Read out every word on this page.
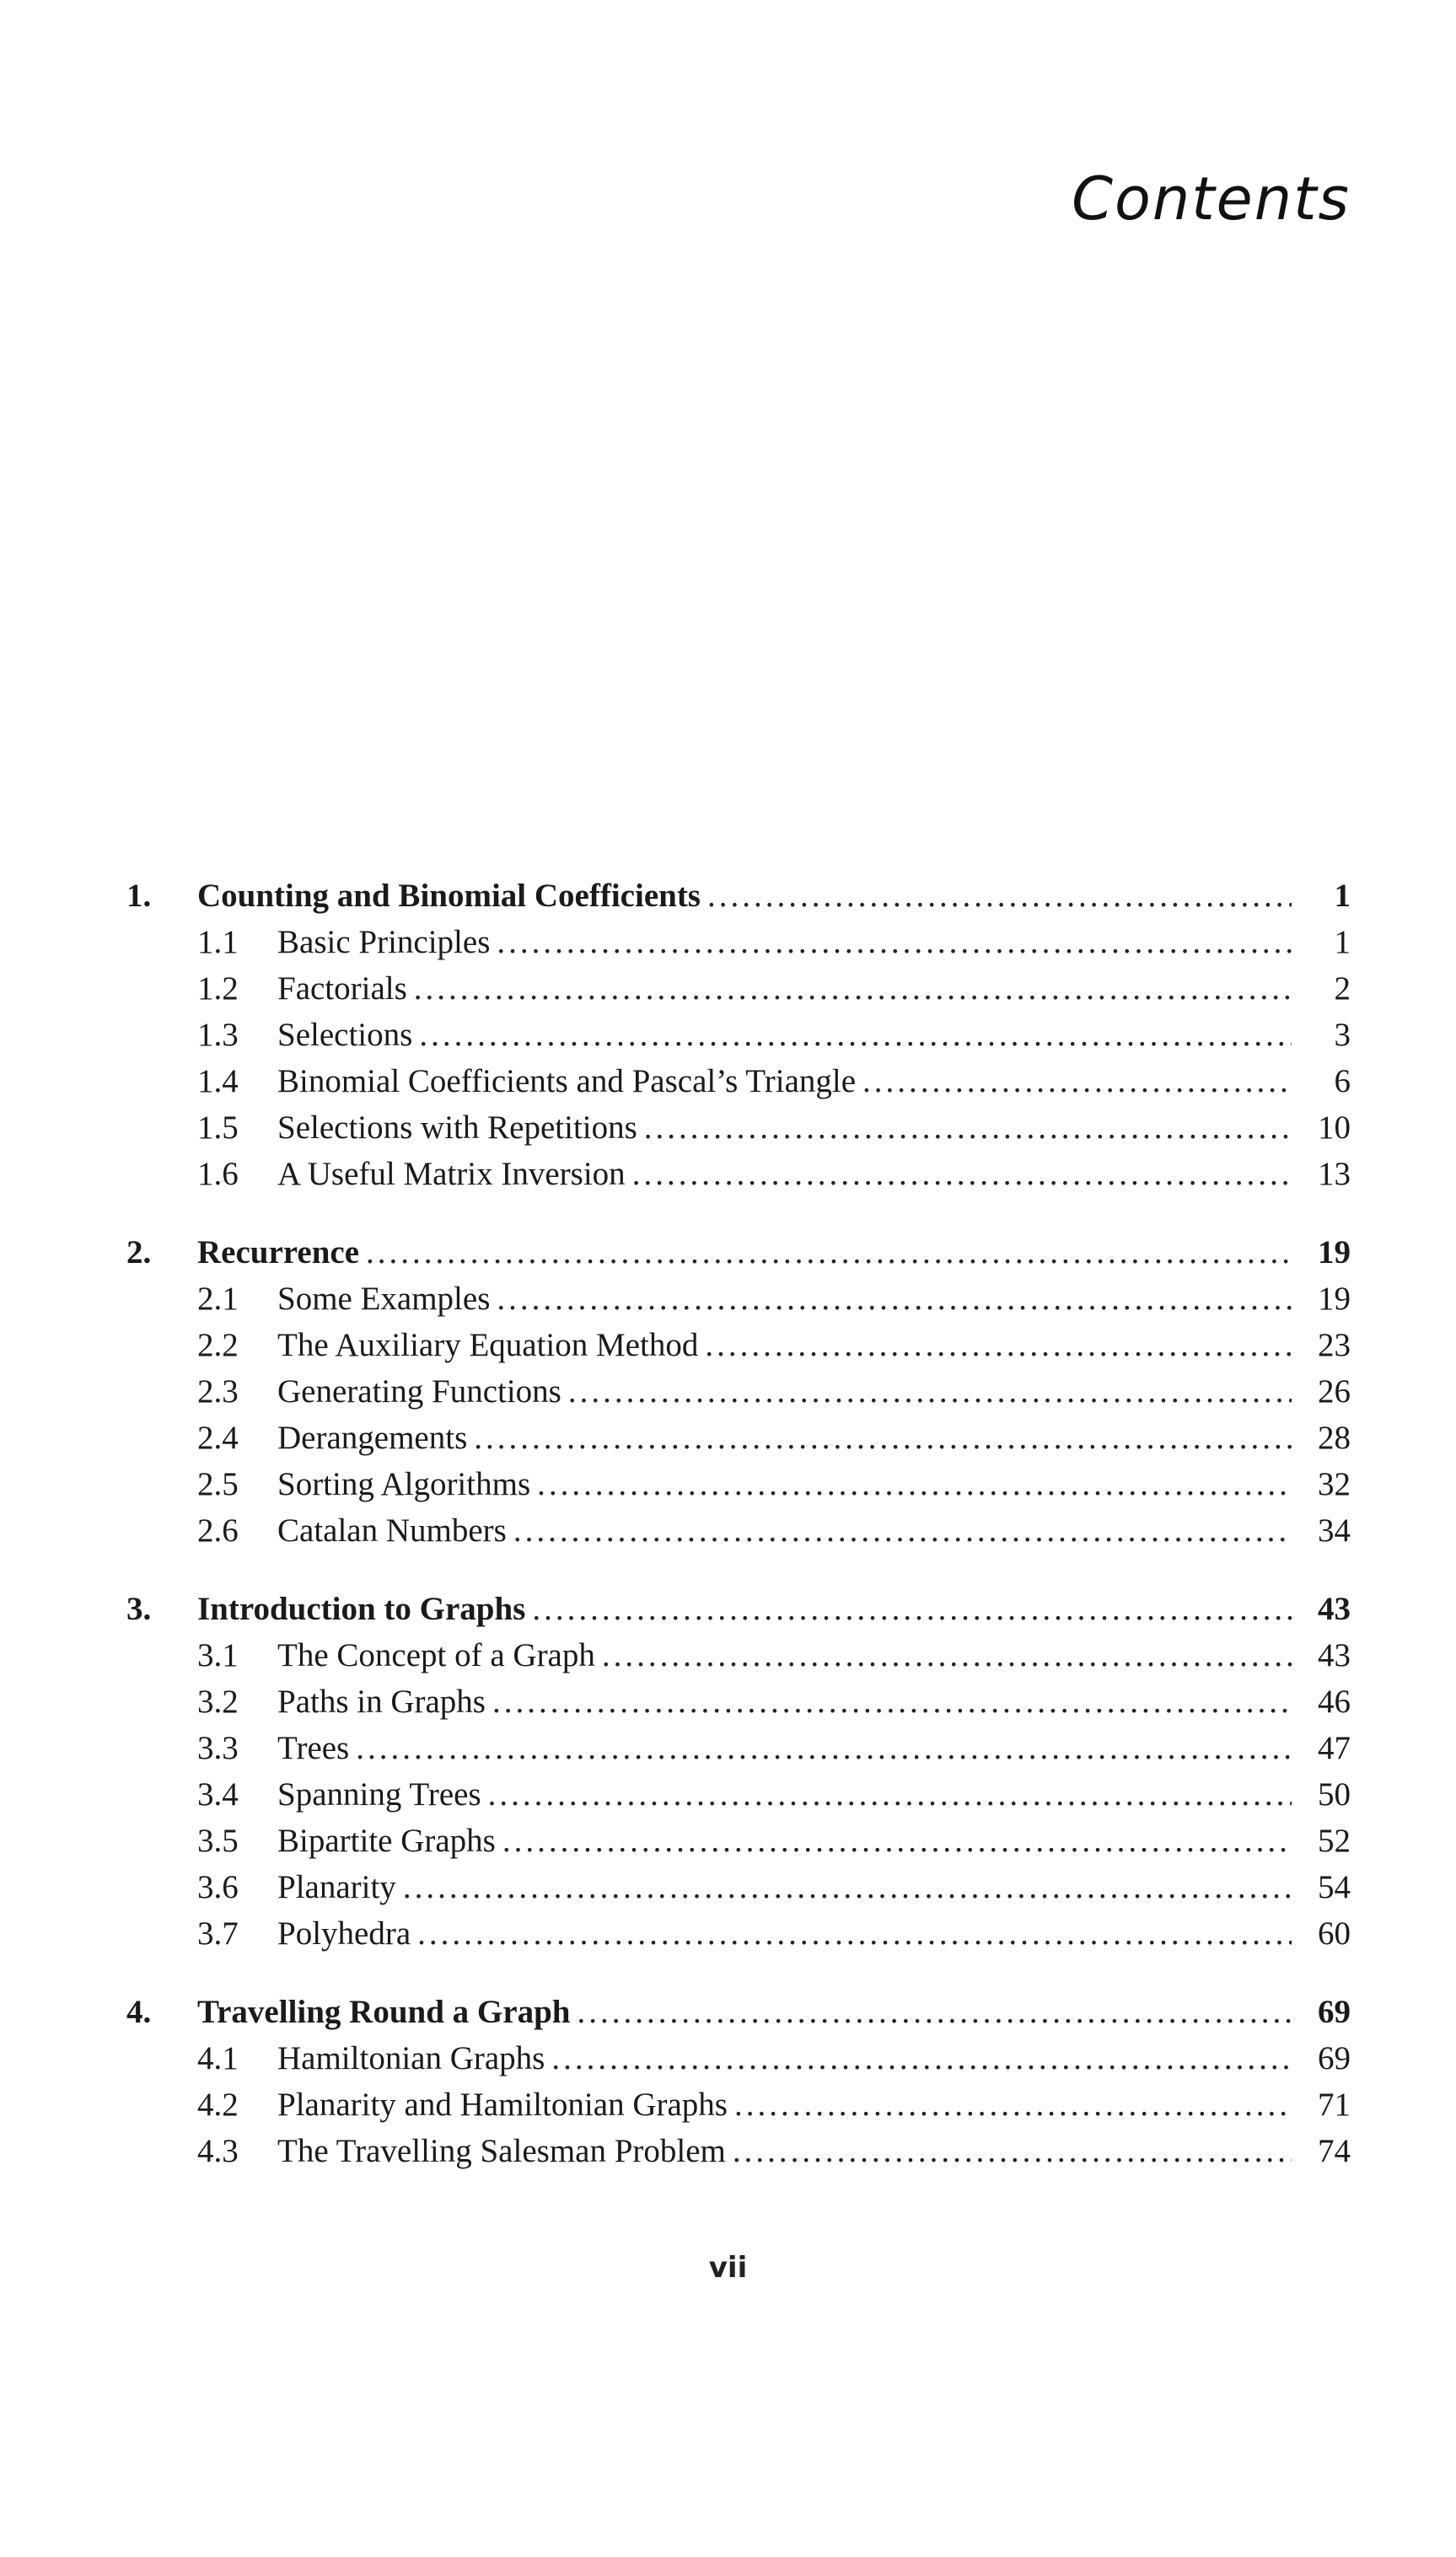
Contents
1.	Counting and Binomial Coefficients .....	1
1.1	Basic Principles .....	1
1.2	Factorials .....	2
1.3	Selections .....	3
1.4	Binomial Coefficients and Pascal’s Triangle .....	6
1.5	Selections with Repetitions .....	10
1.6	A Useful Matrix Inversion .....	13
2.	Recurrence .....	19
2.1	Some Examples .....	19
2.2	The Auxiliary Equation Method .....	23
2.3	Generating Functions .....	26
2.4	Derangements .....	28
2.5	Sorting Algorithms .....	32
2.6	Catalan Numbers .....	34
3.	Introduction to Graphs .....	43
3.1	The Concept of a Graph .....	43
3.2	Paths in Graphs .....	46
3.3	Trees .....	47
3.4	Spanning Trees .....	50
3.5	Bipartite Graphs .....	52
3.6	Planarity .....	54
3.7	Polyhedra .....	60
4.	Travelling Round a Graph .....	69
4.1	Hamiltonian Graphs .....	69
4.2	Planarity and Hamiltonian Graphs .....	71
4.3	The Travelling Salesman Problem .....	74
vii
